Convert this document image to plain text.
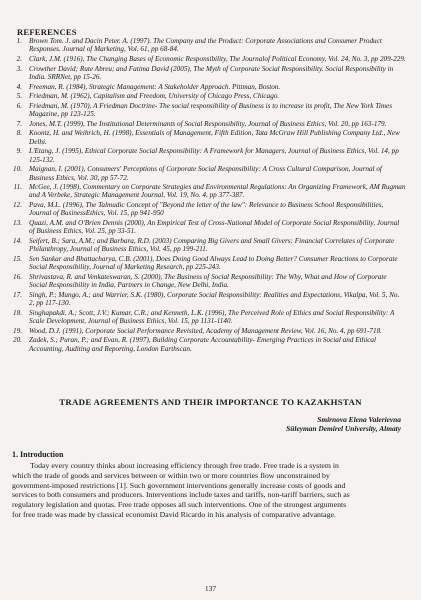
REFERENCES
1. Brown Tom. J. and Dacin Peter. A. (1997). The Company and the Product: Corporate Associations and Consumer Product Responses. Journal of Marketing, Vol. 61, pp 68-84.
2. Clark, J.M. (1916), The Changing Bases of Economic Responsibility, The Journalof Political Economy, Vol. 24, No. 3, pp 209-229.
3. Crowther David; Rute Abreu; and Fatima David (2005), The Myth of Corporate Social Responsibility. Social Responsibility in India. SRRNet, pp 15-26.
4. Freeman, R. (1984), Strategic Management: A Stakeholder Approach. Pittman, Boston.
5. Friedman, M. (1962), Capitalism and Freedom, University of Chicago Press, Chicago.
6. Friedman, M. (1970), A Friedman Doctrine- The social responsibility of Business is to increase its profit, The New York Times Magazine, pp 123-125.
7. Jones, M.T. (1999), The Institutional Determinants of Social Responsibility, Journal of Business Ethics, Vol. 20, pp 163-179.
8. Koontz, H. and Weihrich, H. (1998), Essentials of Management, Fifth Edition, Tata McGraw Hill Publishing Company Ltd., New Delhi.
9. L'Etang, J. (1995), Ethical Corporate Social Responsibility: A Framework for Managers, Journal of Business Ethics, Vol. 14, pp 125-132.
10. Maignan, I. (2001), Consumers' Perceptions of Corporate Social Responsibility: A Cross Cultural Comparison, Journal of Business Ethics, Vol. 30, pp 57-72.
11. McGee, J. (1998), Commentary on Corporate Strategies and Environmental Regulations: An Organizing Framework, AM Rugman and A Verbeke, Strategic Management Journal, Vol. 19, No. 4, pp 377-387.
12. Pava, M.L. (1996), The Talmudic Concept of "Beyond the letter of the law": Relevance to Business School Responsibilities, Journal of BusinessEthics, Vol. 15, pp 941-950
13. Quazi, A.M. and O'Brien Dennis (2000), An Empirical Test of Cross-National Model of Corporate Social Responsibility, Journal of Business Ethics, Vol. 25, pp 33-51.
14. Seifert, B.; Sara, A.M.; and Barbara, R.D. (2003) Comparing Big Givers and Small Givers: Financial Correlates of Corporate Philanthropy, Journal of Business Ethics, Vol. 45, pp 199-211.
15. Sen Sankar and Bhattacharya, C.B. (2001), Does Doing Good Always Lead to Doing Better? Consumer Reactions to Corporate Social Responsibility, Journal of Marketing Research, pp 225-243.
16. Shrivastava, R. and Venkateswaran, S. (2000), The Business of Social Responsibility: The Why, What and How of Corporate Social Responsibility in India, Partners in Change, New Delhi, India.
17. Singh, P.; Mungo, A.; and Warrier, S.K. (1980), Corporate Social Responsibility: Realities and Expectations, Vikalpa, Vol. 5, No. 2, pp 117-130.
18. Singhapakdi, A.; Scott, J.V.; Kumar, C.R.; and Kenneth, L.K. (1996), The Perceived Role of Ethics and Social Responsibility: A Scale Development, Journal of Business Ethics, Vol. 15, pp 1131-1140.
19. Wood, D.J. (1991), Corporate Social Performance Revisited, Academy of Management Review, Vol. 16, No. 4, pp 691-718.
20. Zadek, S.; Puran, P.; and Evan, R. (1997), Building Corporate Accountability- Emerging Practices in Social and Ethical Accounting, Auditing and Reporting, London Earthscan.
TRADE AGREEMENTS AND THEIR IMPORTANCE TO KAZAKHSTAN
Smirnova Elena Valerievna
Süleyman Demirel University, Almaty
1. Introduction
Today every country thinks about increasing efficiency through free trade. Free trade is a system in
which the trade of goods and services between or within two or more countries flow unconstrained by
government-imposed restrictions [1]. Such government interventions generally increase costs of goods and
services to both consumers and producers. Interventions include taxes and tariffs, non-tariff barriers, such as
regulatory legislation and quotas. Free trade opposes all such interventions. One of the strongest arguments
for free trade was made by classical economist David Ricardo in his analysis of comparative advantage.
137
